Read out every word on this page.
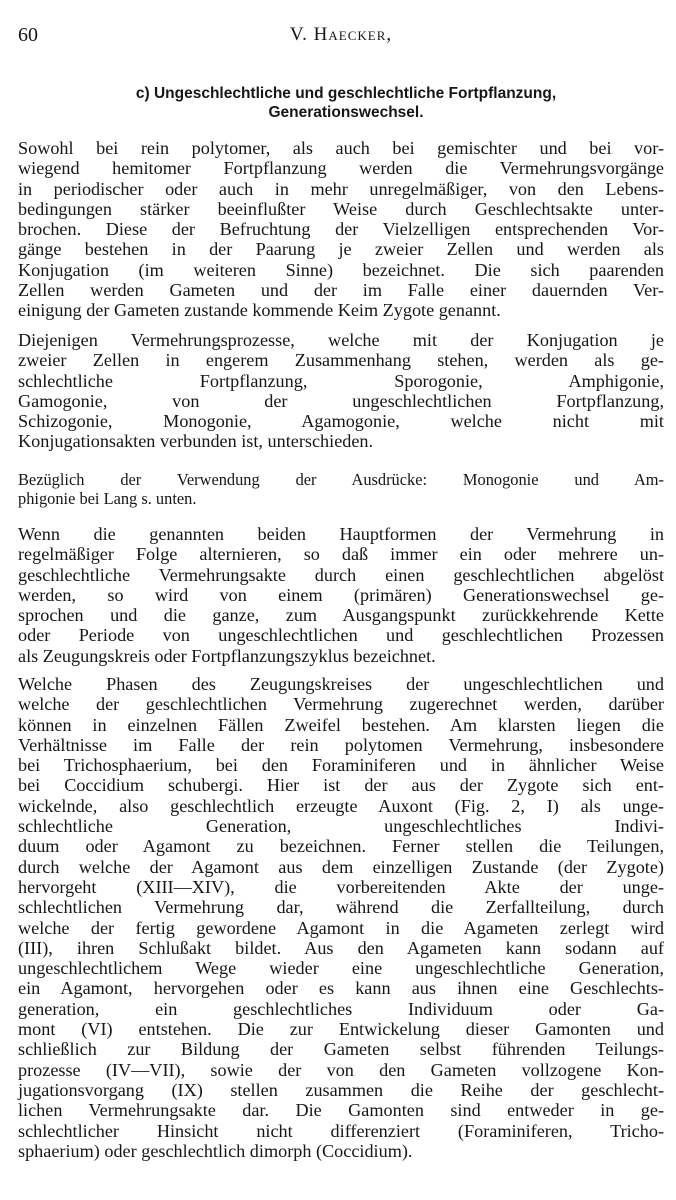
60	V. Haecker,
c) Ungeschlechtliche und geschlechtliche Fortpflanzung,
Generationswechsel.
Sowohl bei rein polytomer, als auch bei gemischter und bei vor-
wiegend hemitomer Fortpflanzung werden die Vermehrungsvorgänge
in periodischer oder auch in mehr unregelmäßiger, von den Lebens-
bedingungen stärker beeinflußter Weise durch Geschlechtsakte unter-
brochen. Diese der Befruchtung der Vielzelligen entsprechenden Vor-
gänge bestehen in der Paarung je zweier Zellen und werden als
Konjugation (im weiteren Sinne) bezeichnet. Die sich paarenden
Zellen werden Gameten und der im Falle einer dauernden Ver-
einigung der Gameten zustande kommende Keim Zygote genannt.
Diejenigen Vermehrungsprozesse, welche mit der Konjugation je
zweier Zellen in engerem Zusammenhang stehen, werden als ge-
schlechtliche Fortpflanzung, Sporogonie, Amphigonie,
Gamogonie, von der ungeschlechtlichen Fortpflanzung,
Schizogonie, Monogonie, Agamogonie, welche nicht mit
Konjugationsakten verbunden ist, unterschieden.
Bezüglich der Verwendung der Ausdrücke: Monogonie und Am-
phigonie bei Lang s. unten.
Wenn die genannten beiden Hauptformen der Vermehrung in
regelmäßiger Folge alternieren, so daß immer ein oder mehrere un-
geschlechtliche Vermehrungsakte durch einen geschlechtlichen abgelöst
werden, so wird von einem (primären) Generationswechsel ge-
sprochen und die ganze, zum Ausgangspunkt zurückkehrende Kette
oder Periode von ungeschlechtlichen und geschlechtlichen Prozessen
als Zeugungskreis oder Fortpflanzungszyklus bezeichnet.
Welche Phasen des Zeugungskreises der ungeschlechtlichen und
welche der geschlechtlichen Vermehrung zugerechnet werden, darüber
können in einzelnen Fällen Zweifel bestehen. Am klarsten liegen die
Verhältnisse im Falle der rein polytomen Vermehrung, insbesondere
bei Trichosphaerium, bei den Foraminiferen und in ähnlicher Weise
bei Coccidium schubergi. Hier ist der aus der Zygote sich ent-
wickelnde, also geschlechtlich erzeugte Auxont (Fig. 2, I) als unge-
schlechtliche Generation, ungeschlechtliches Indivi-
duum oder Agamont zu bezeichnen. Ferner stellen die Teilungen,
durch welche der Agamont aus dem einzelligen Zustande (der Zygote)
hervorgeht (XIII—XIV), die vorbereitenden Akte der unge-
schlechtlichen Vermehrung dar, während die Zerfallteilung, durch
welche der fertig gewordene Agamont in die Agameten zerlegt wird
(III), ihren Schlußakt bildet. Aus den Agameten kann sodann auf
ungeschlechtlichem Wege wieder eine ungeschlechtliche Generation,
ein Agamont, hervorgehen oder es kann aus ihnen eine Geschlechts-
generation, ein geschlechtliches Individuum oder Ga-
mont (VI) entstehen. Die zur Entwickelung dieser Gamonten und
schließlich zur Bildung der Gameten selbst führenden Teilungs-
prozesse (IV—VII), sowie der von den Gameten vollzogene Kon-
jugationsvorgang (IX) stellen zusammen die Reihe der geschlecht-
lichen Vermehrungsakte dar. Die Gamonten sind entweder in ge-
schlechtlicher Hinsicht nicht differenziert (Foraminiferen, Tricho-
sphaerium) oder geschlechtlich dimorph (Coccidium).
